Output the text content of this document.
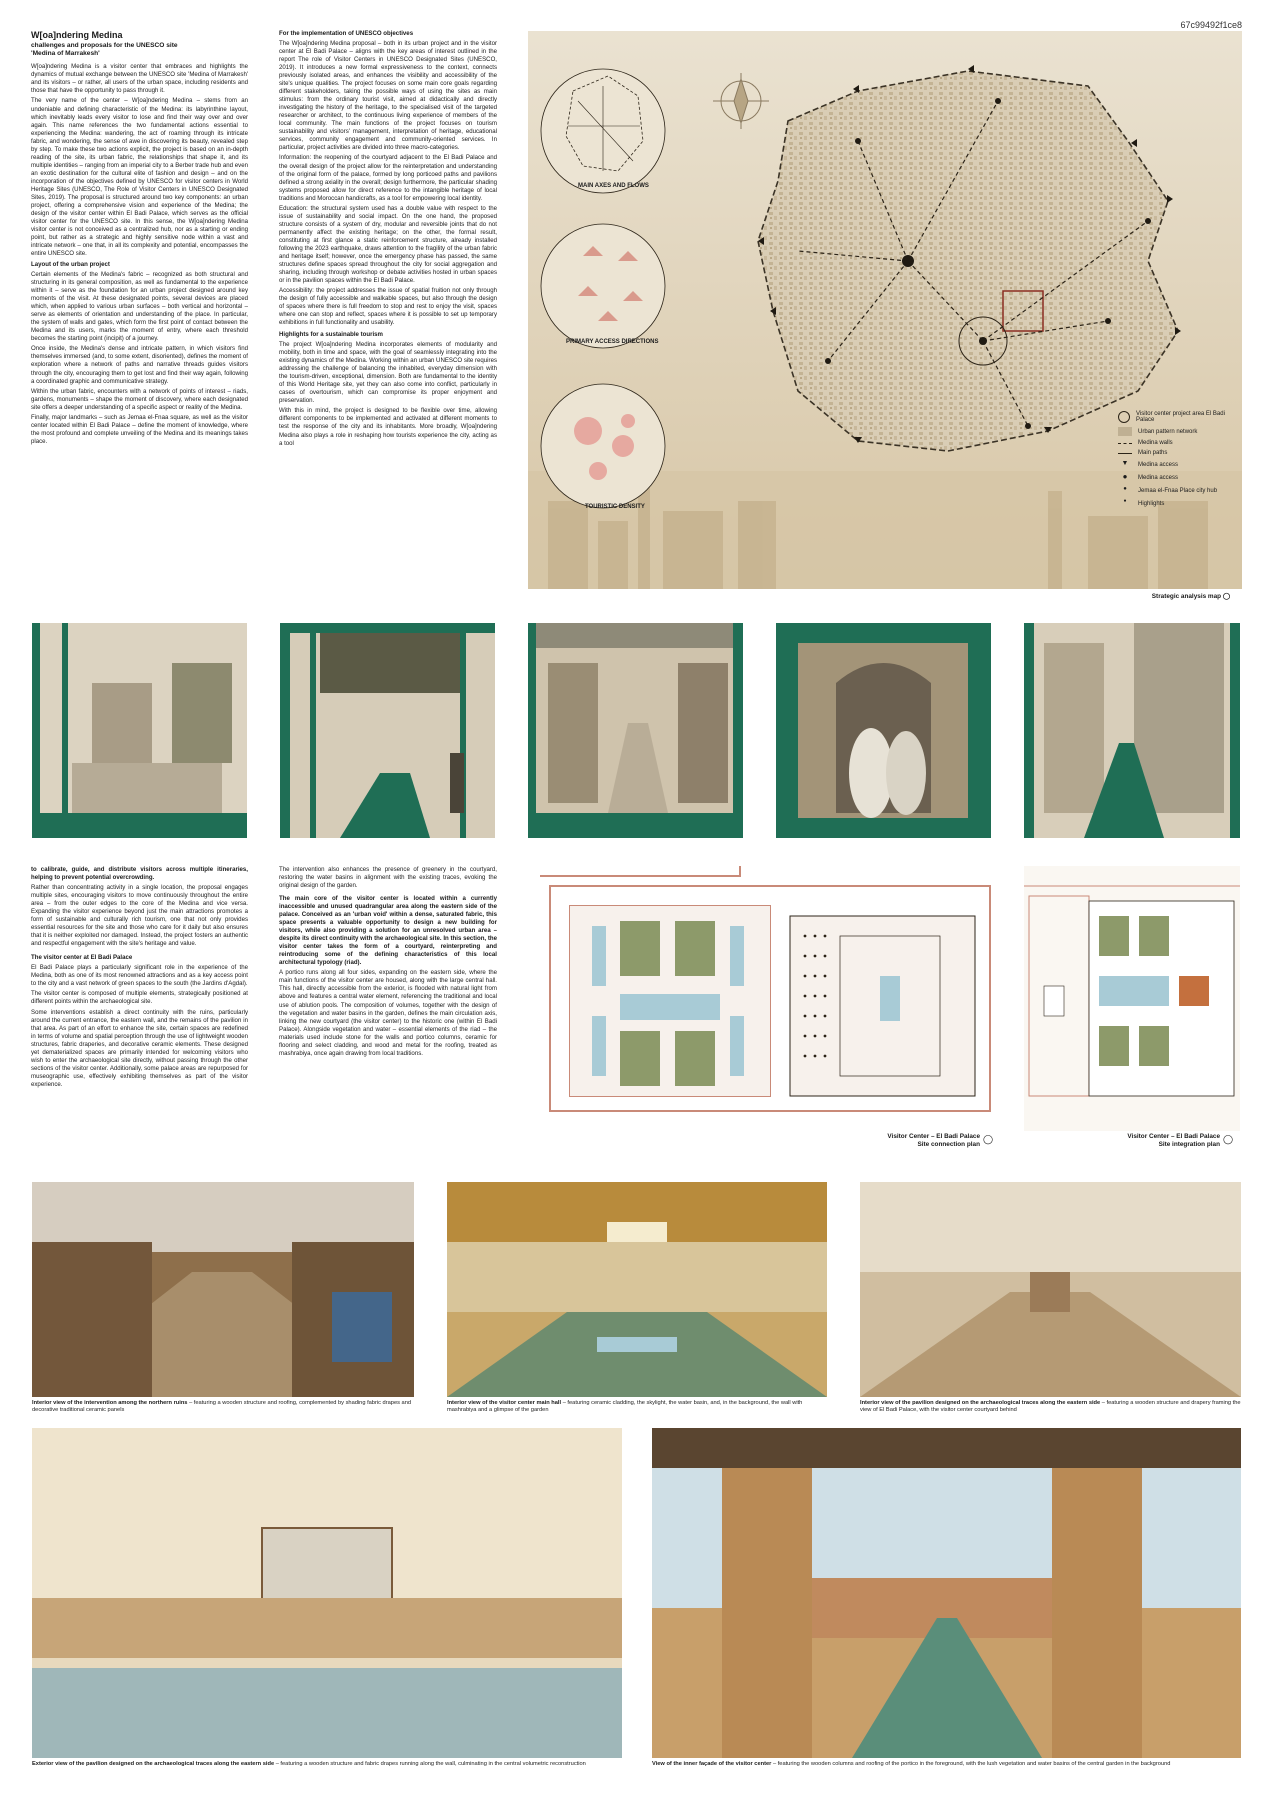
67c99492f1ce8
W[oa]ndering Medina
challenges and proposals for the UNESCO site
'Medina of Marrakesh'

W[oa]ndering Medina is a visitor center that embraces and highlights the dynamics of mutual exchange between the UNESCO site 'Medina of Marrakesh' and its visitors – or rather, all users of the urban space, including residents and those that have the opportunity to pass through it.

The very name of the center – W[oa]ndering Medina – stems from an undeniable and defining characteristic of the Medina: its labyrinthine layout, which inevitably leads every visitor to lose and find their way over and over again. This name references the two fundamental actions essential to experiencing the Medina: wandering, the act of roaming through its intricate fabric, and wondering, the sense of awe in discovering its beauty, revealed step by step. To make these two actions explicit, the project is based on an in-depth reading of the site, its urban fabric, the relationships that shape it, and its multiple identities – ranging from an imperial city to a Berber trade hub and even an exotic destination for the cultural elite of fashion and design – and on the incorporation of the objectives defined by UNESCO for visitor centers in World Heritage Sites (UNESCO, The Role of Visitor Centers in UNESCO Designated Sites, 2019). The proposal is structured around two key components: an urban project, offering a comprehensive vision and experience of the Medina; the design of the visitor center within El Badi Palace, which serves as the official visitor center for the UNESCO site. In this sense, the W[oa]ndering Medina visitor center is not conceived as a centralized hub, nor as a starting or ending point, but rather as a strategic and highly sensitive node within a vast and intricate network – one that, in all its complexity and potential, encompasses the entire UNESCO site.

Layout of the urban project

Certain elements of the Medina's fabric – recognized as both structural and structuring in its general composition, as well as fundamental to the experience within it – serve as the foundation for an urban project designed around key moments of the visit. At these designated points, several devices are placed which, when applied to various urban surfaces – both vertical and horizontal – serve as elements of orientation and understanding of the place. In particular, the system of walls and gates, which form the first point of contact between the Medina and its users, marks the moment of entry, where each threshold becomes the starting point (incipit) of a journey.

Once inside, the Medina's dense and intricate pattern, in which visitors find themselves immersed (and, to some extent, disoriented), defines the moment of exploration where a network of paths and narrative threads guides visitors through the city, encouraging them to get lost and find their way again, following a coordinated graphic and communicative strategy.

Within the urban fabric, encounters with a network of points of interest – riads, gardens, monuments – shape the moment of discovery, where each designated site offers a deeper understanding of a specific aspect or reality of the Medina.

Finally, major landmarks – such as Jemaa el-Fnaa square, as well as the visitor center located within El Badi Palace – define the moment of knowledge, where the most profound and complete unveiling of the Medina and its meanings takes place.

For the implementation of UNESCO objectives

The W[oa]ndering Medina proposal – both in its urban project and in the visitor center at El Badi Palace – aligns with the key areas of interest outlined in the report The role of Visitor Centers in UNESCO Designated Sites (UNESCO, 2019). It introduces a new formal expressiveness to the context, connects previously isolated areas, and enhances the visibility and accessibility of the site's unique qualities. The project focuses on some main core goals regarding different stakeholders, taking the possible ways of using the sites as main stimulus: from the ordinary tourist visit, aimed at didactically and directly investigating the history of the heritage, to the specialised visit of the targeted researcher or architect, to the continuous living experience of members of the local community. The main functions of the project focuses on tourism sustainability and visitors' management, interpretation of heritage, educational services, community engagement and community-oriented services. In particular, project activities are divided into three macro-categories.

Information: the reopening of the courtyard adjacent to the El Badi Palace and the overall design of the project allow for the reinterpretation and understanding of the original form of the palace, formed by long porticoed paths and pavilions defined a strong axiality in the overall; design furthermore, the particular shading systems proposed allow for direct reference to the intangible heritage of local traditions and Moroccan handicrafts, as a tool for empowering local identity.

Education: the structural system used has a double value with respect to the issue of sustainability and social impact. On the one hand, the proposed structure consists of a system of dry, modular and reversible joints that do not permanently affect the existing heritage; on the other, the formal result, constituting at first glance a static reinforcement structure, already installed following the 2023 earthquake, draws attention to the fragility of the urban fabric and heritage itself; however, once the emergency phase has passed, the same structures define spaces spread throughout the city for social aggregation and sharing, including through workshop or debate activities hosted in urban spaces or in the pavilion spaces within the El Badi Palace.

Accessibility: the project addresses the issue of spatial fruition not only through the design of fully accessible and walkable spaces, but also through the design of spaces where there is full freedom to stop and rest to enjoy the visit, spaces where one can stop and reflect, spaces where it is possible to set up temporary exhibitions in full functionality and usability.

Highlights for a sustainable tourism

The project W[oa]ndering Medina incorporates elements of modularity and mobility, both in time and space, with the goal of seamlessly integrating into the existing dynamics of the Medina. Working within an urban UNESCO site requires addressing the challenge of balancing the inhabited, everyday dimension with the tourism-driven, exceptional, dimension. Both are fundamental to the identity of this World Heritage site, yet they can also come into conflict, particularly in cases of overtourism, which can compromise its proper enjoyment and preservation.

With this in mind, the project is designed to be flexible over time, allowing different components to be implemented and activated at different moments to test the response of the city and its inhabitants. More broadly, W[oa]ndering Medina also plays a role in reshaping how tourists experience the city, acting as a tool

MAIN AXES AND FLOWS
PRIMARY ACCESS DIRECTIONS
TOURISTIC DENSITY
Visitor center project area El Badi Palace
Urban pattern network
Medina walls
Main paths
▼	Medina access
●	Medina access
●	Jemaa el-Fnaa Place city hub
●	Highlights
Strategic analysis map ◯

to calibrate, guide, and distribute visitors across multiple itineraries, helping to prevent potential overcrowding.

Rather than concentrating activity in a single location, the proposal engages multiple sites, encouraging visitors to move continuously throughout the entire area – from the outer edges to the core of the Medina and vice versa. Expanding the visitor experience beyond just the main attractions promotes a form of sustainable and culturally rich tourism, one that not only provides essential resources for the site and those who care for it daily but also ensures that it is neither exploited nor damaged. Instead, the project fosters an authentic and respectful engagement with the site's heritage and value.

The visitor center at El Badi Palace

El Badi Palace plays a particularly significant role in the experience of the Medina, both as one of its most renowned attractions and as a key access point to the city and a vast network of green spaces to the south (the Jardins d'Agdal).

The visitor center is composed of multiple elements, strategically positioned at different points within the archaeological site.

Some interventions establish a direct continuity with the ruins, particularly around the current entrance, the eastern wall, and the remains of the pavilion in that area. As part of an effort to enhance the site, certain spaces are redefined in terms of volume and spatial perception through the use of lightweight wooden structures, fabric draperies, and decorative ceramic elements. These designed yet dematerialized spaces are primarily intended for welcoming visitors who wish to enter the archaeological site directly, without passing through the other sections of the visitor center. Additionally, some palace areas are repurposed for museographic use, effectively exhibiting themselves as part of the visitor experience.

The intervention also enhances the presence of greenery in the courtyard, restoring the water basins in alignment with the existing traces, evoking the original design of the garden.

The main core of the visitor center is located within a currently inaccessible and unused quadrangular area along the eastern side of the palace. Conceived as an 'urban void' within a dense, saturated fabric, this space presents a valuable opportunity to design a new building for visitors, while also providing a solution for an unresolved urban area – despite its direct continuity with the archaeological site. In this section, the visitor center takes the form of a courtyard, reinterpreting and reintroducing some of the defining characteristics of this local architectural typology (riad).

A portico runs along all four sides, expanding on the eastern side, where the main functions of the visitor center are housed, along with the large central hall. This hall, directly accessible from the exterior, is flooded with natural light from above and features a central water element, referencing the traditional and local use of ablution pools. The composition of volumes, together with the design of the vegetation and water basins in the garden, defines the main circulation axis, linking the new courtyard (the visitor center) to the historic one (within El Badi Palace). Alongside vegetation and water – essential elements of the riad – the materials used include stone for the walls and portico columns, ceramic for flooring and select cladding, and wood and metal for the roofing, treated as mashrabiya, once again drawing from local traditions.

Visitor Center – El Badi Palace
Site connection plan
◯	Visitor Center – El Badi Palace
Site integration plan
◯
Interior view of the intervention among the northern ruins – featuring a wooden structure and roofing, complemented by shading fabric drapes and decorative traditional ceramic panels
Interior view of the visitor center main hall – featuring ceramic cladding, the skylight, the water basin, and, in the background, the wall with mashrabiya and a glimpse of the garden
Interior view of the pavilion designed on the archaeological traces along the eastern side – featuring a wooden structure and drapery framing the view of El Badi Palace, with the visitor center courtyard behind
Exterior view of the pavilion designed on the archaeological traces along the eastern side – featuring a wooden structure and fabric drapes running along the wall, culminating in the central volumetric reconstruction	View of the inner façade of the visitor center – featuring the wooden columns and roofing of the portico in the foreground, with the lush vegetation and water basins of the central garden in the background
